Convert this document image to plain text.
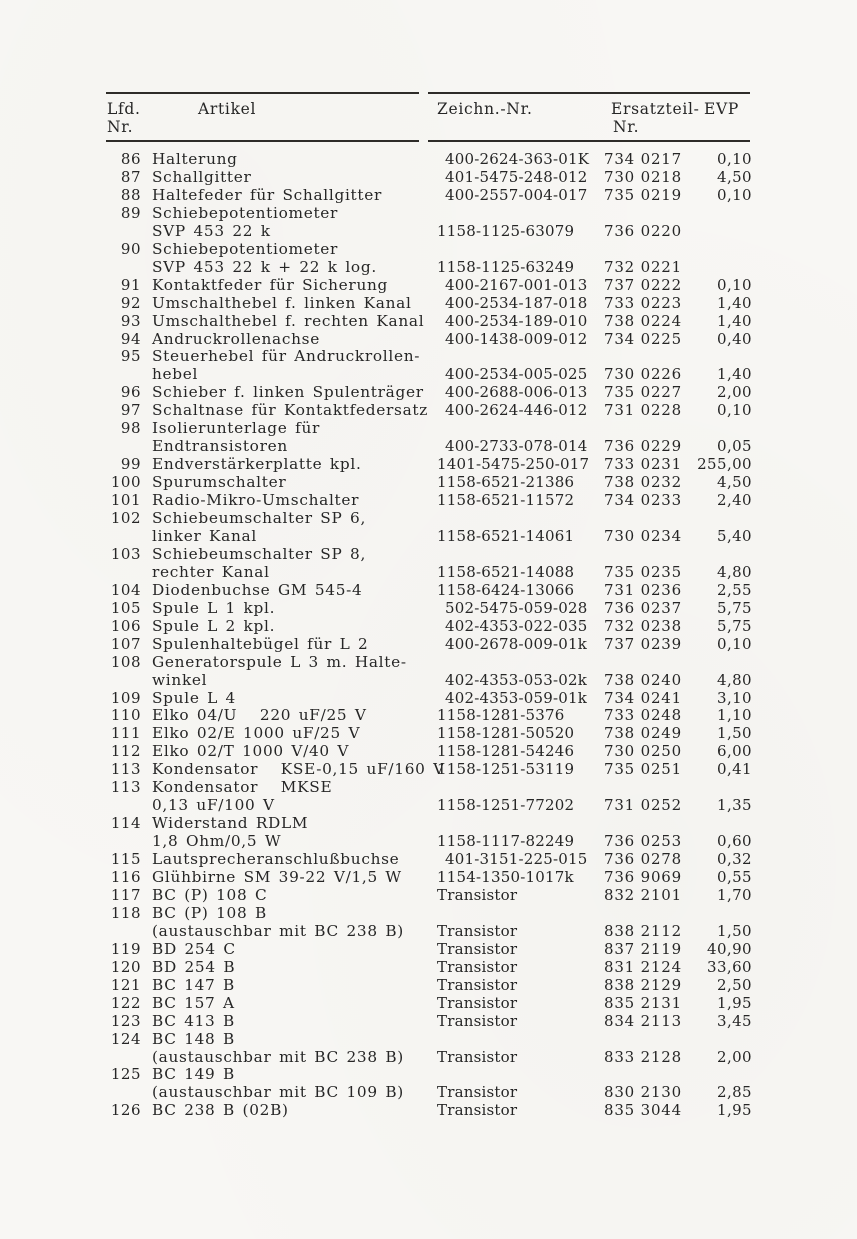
Lfd.
Nr.
Artikel	Zeichn.-Nr.	Ersatzteil-
Nr.
EVP
86 Halterung	400-2624-363-01K 734 0217	0,10
87 Schallgitter	401-5475-248-012 730 0218	4,50
88 Haltefeder für Schallgitter	400-2557-004-017 735 0219	0,10
89 Schiebepotentiometer
SVP 453 22 k	1158-1125-63079 736 0220
90 Schiebepotentiometer
SVP 453 22 k + 22 k log.	1158-1125-63249 732 0221
91 Kontaktfeder für Sicherung	400-2167-001-013 737 0222	0,10
92 Umschalthebel f. linken Kanal 400-2534-187-018 733 0223	1,40
93 Umschalthebel f. rechten Kanal 400-2534-189-010 738 0224	1,40
94 Andruckrollenachse	400-1438-009-012 734 0225	0,40
95 Steuerhebel für Andruckrollen-
hebel	400-2534-005-025 730 0226	1,40
96 Schieber f. linken Spulenträger 400-2688-006-013 735 0227	2,00
97 Schaltnase für Kontaktfedersatz 400-2624-446-012 731 0228	0,10
98 Isolierunterlage für
Endtransistoren	400-2733-078-014 736 0229	0,05
99 Endverstärkerplatte kpl.	1401-5475-250-017 733 0231	255,00
100 Spurumschalter	1158-6521-21386 738 0232	4,50
101 Radio-Mikro-Umschalter	1158-6521-11572 734 0233	2,40
102 Schiebeumschalter SP 6,
linker Kanal	1158-6521-14061 730 0234	5,40
103 Schiebeumschalter SP 8,
rechter Kanal	1158-6521-14088 735 0235	4,80
104 Diodenbuchse GM 545-4	1158-6424-13066 731 0236	2,55
105 Spule L 1 kpl.	502-5475-059-028 736 0237	5,75
106 Spule L 2 kpl.	402-4353-022-035 732 0238	5,75
107 Spulenhaltebügel für L 2	400-2678-009-01k 737 0239	0,10
108 Generatorspule L 3 m. Halte-
winkel	402-4353-053-02k 738 0240	4,80
109 Spule L 4	402-4353-059-01k 734 0241	3,10
110 Elko 04/U   220 uF/25 V	1158-1281-5376	733 0248	1,10
111 Elko 02/E 1000 uF/25 V	1158-1281-50520 738 0249	1,50
112 Elko 02/T 1000 V/40 V	1158-1281-54246 730 0250	6,00
113 Kondensator   KSE-0,15 uF/160 V
1158-1251-53119 735 0251	0,41
113 Kondensator   MKSE
0,13 uF/100 V	1158-1251-77202 731 0252	1,35
114 Widerstand RDLM
1,8 Ohm/0,5 W	1158-1117-82249 736 0253	0,60
115 Lautsprecheranschlußbuchse	401-3151-225-015 736 0278	0,32
116 Glühbirne SM 39-22 V/1,5 W 1154-1350-1017k 736 9069	0,55
117 BC (P) 108 C	Transistor	832 2101	1,70
118 BC (P) 108 B
(austauschbar mit BC 238 B) Transistor	838 2112	1,50
119 BD 254 C	Transistor	837 2119	40,90
120 BD 254 B	Transistor	831 2124	33,60
121 BC 147 B	Transistor	838 2129	2,50
122 BC 157 A	Transistor	835 2131	1,95
123 BC 413 B	Transistor	834 2113	3,45
124 BC 148 B
(austauschbar mit BC 238 B) Transistor	833 2128	2,00
125 BC 149 B
(austauschbar mit BC 109 B) Transistor	830 2130	2,85
126 BC 238 B (02B)	Transistor	835 3044	1,95
